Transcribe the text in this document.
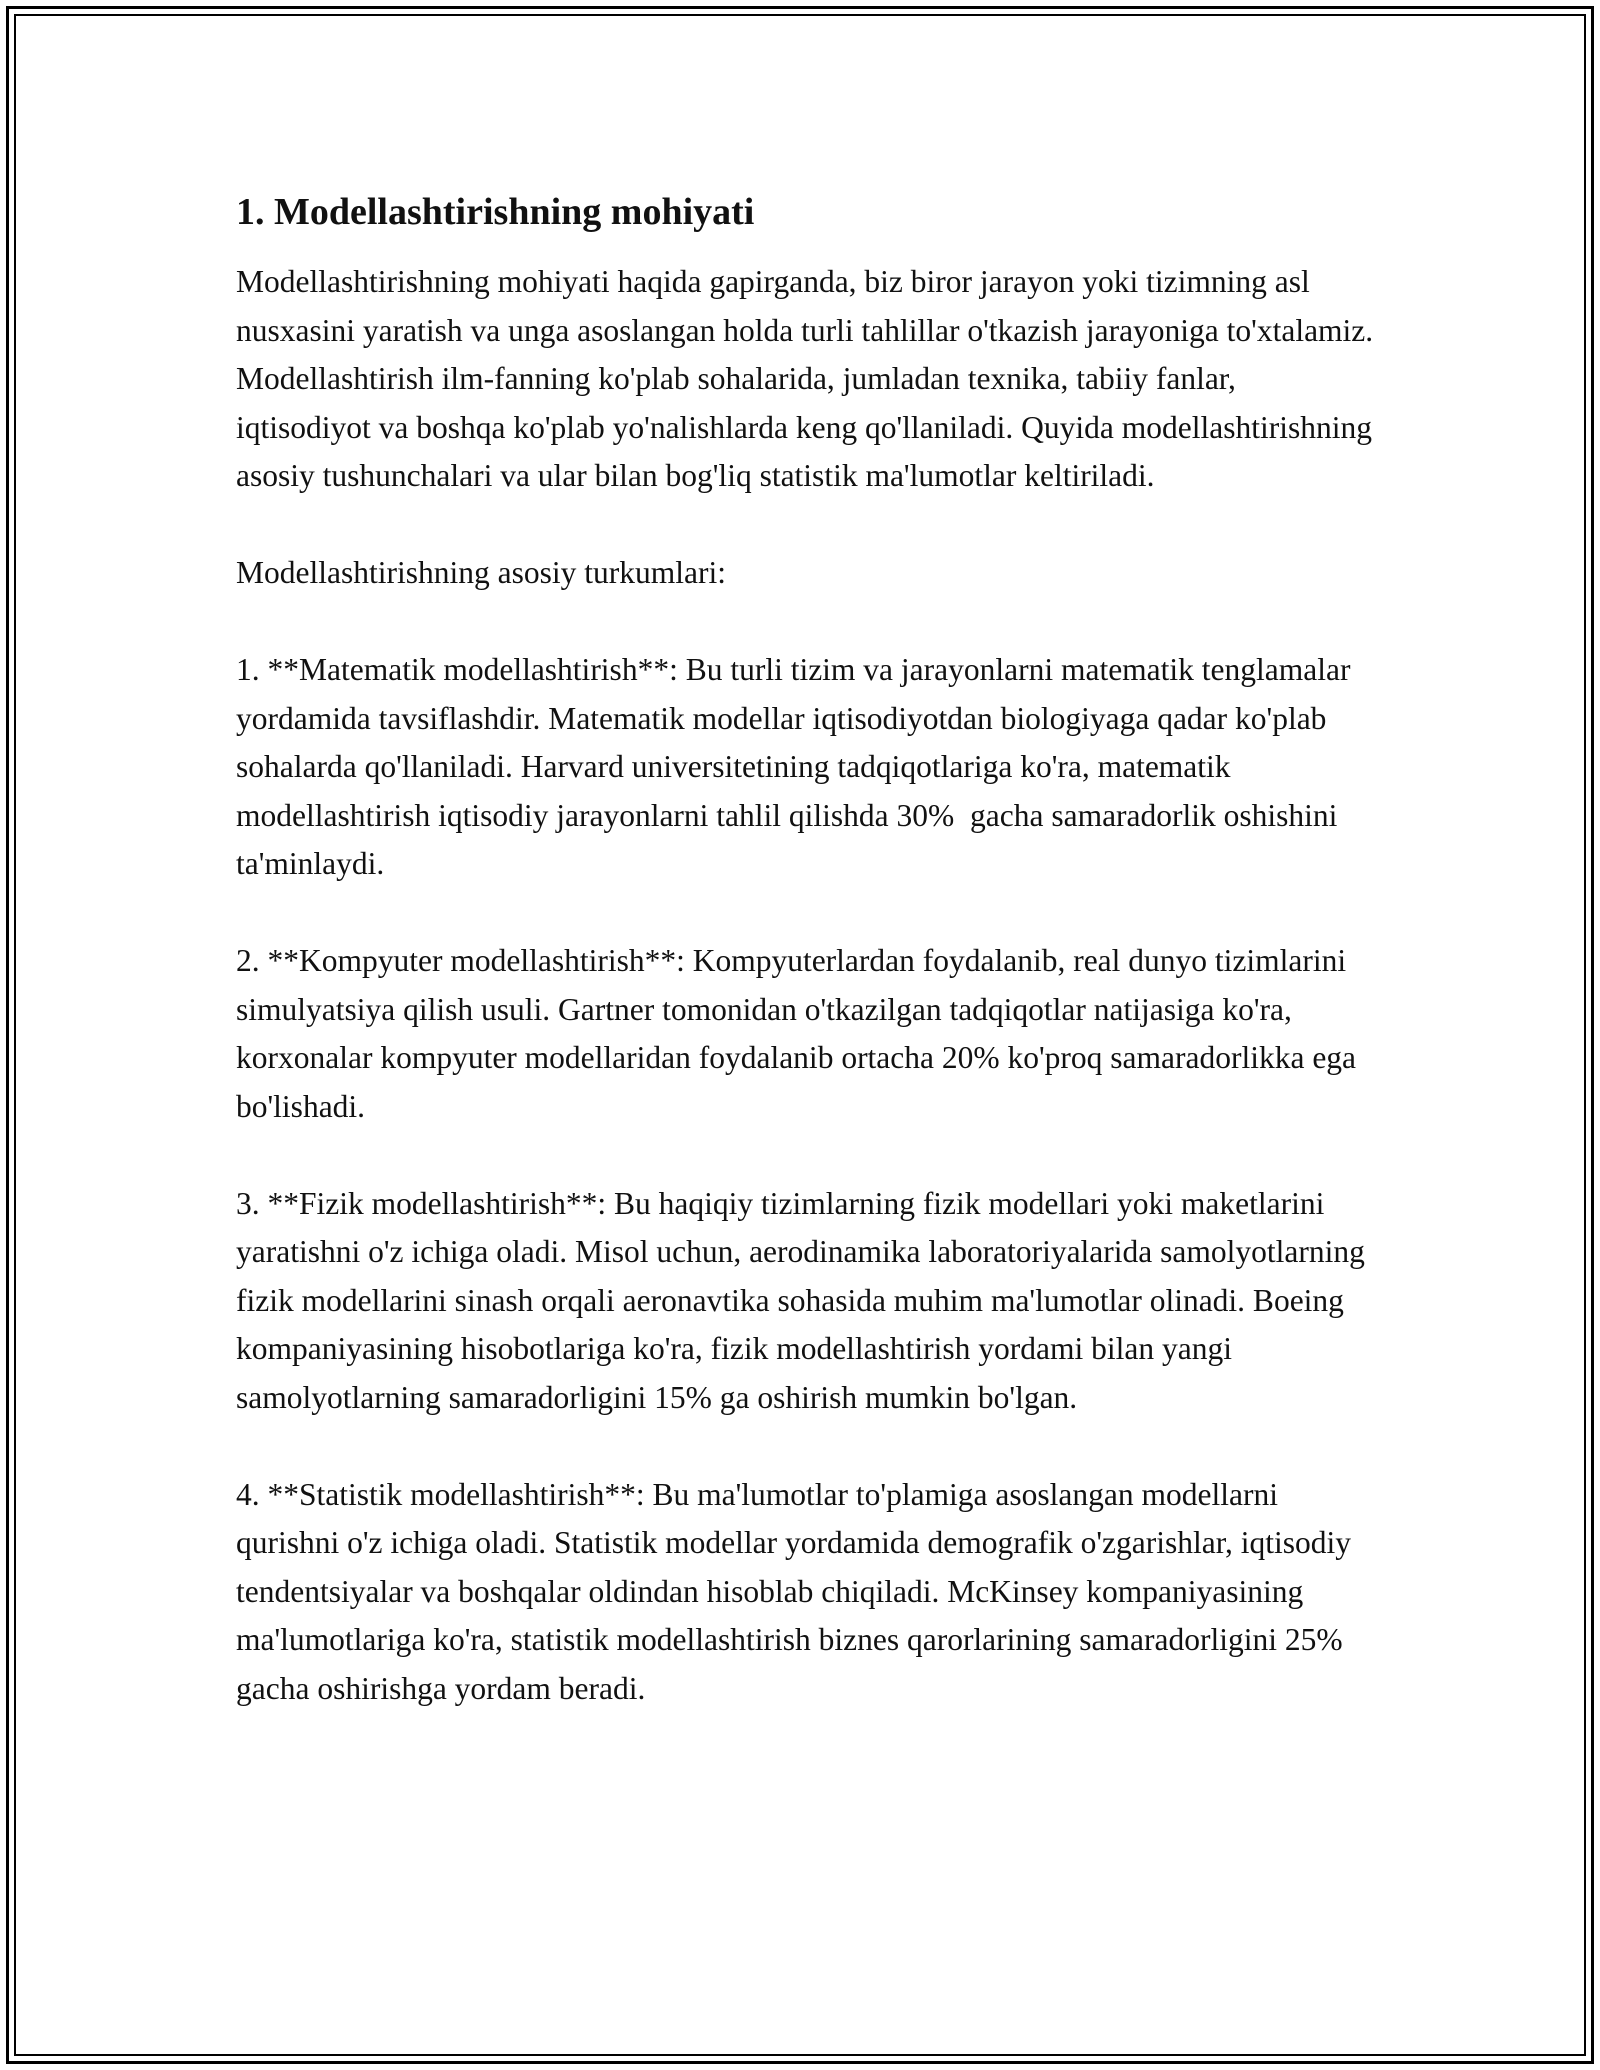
1. Modellashtirishning mohiyati

Modellashtirishning mohiyati haqida gapirganda, biz biror jarayon yoki tizimning asl nusxasini yaratish va unga asoslangan holda turli tahlillar o'tkazish jarayoniga to'xtalamiz. Modellashtirish ilm-fanning ko'plab sohalarida, jumladan texnika, tabiiy fanlar, iqtisodiyot va boshqa ko'plab yo'nalishlarda keng qo'llaniladi. Quyida modellashtirishning asosiy tushunchalari va ular bilan bog'liq statistik ma'lumotlar keltiriladi.

Modellashtirishning asosiy turkumlari:

1. **Matematik modellashtirish**: Bu turli tizim va jarayonlarni matematik tenglamalar yordamida tavsiflashdir. Matematik modellar iqtisodiyotdan biologiyaga qadar ko'plab sohalarda qo'llaniladi. Harvard universitetining tadqiqotlariga ko'ra, matematik modellashtirish iqtisodiy jarayonlarni tahlil qilishda 30%  gacha samaradorlik oshishini ta'minlaydi.

2. **Kompyuter modellashtirish**: Kompyuterlardan foydalanib, real dunyo tizimlarini simulyatsiya qilish usuli. Gartner tomonidan o'tkazilgan tadqiqotlar natijasiga ko'ra, korxonalar kompyuter modellaridan foydalanib ortacha 20% ko'proq samaradorlikka ega bo'lishadi.

3. **Fizik modellashtirish**: Bu haqiqiy tizimlarning fizik modellari yoki maketlarini yaratishni o'z ichiga oladi. Misol uchun, aerodinamika laboratoriyalarida samolyotlarning fizik modellarini sinash orqali aeronavtika sohasida muhim ma'lumotlar olinadi. Boeing kompaniyasining hisobotlariga ko'ra, fizik modellashtirish yordami bilan yangi samolyotlarning samaradorligini 15% ga oshirish mumkin bo'lgan.

4. **Statistik modellashtirish**: Bu ma'lumotlar to'plamiga asoslangan modellarni qurishni o'z ichiga oladi. Statistik modellar yordamida demografik o'zgarishlar, iqtisodiy tendentsiyalar va boshqalar oldindan hisoblab chiqiladi. McKinsey kompaniyasining ma'lumotlariga ko'ra, statistik modellashtirish biznes qarorlarining samaradorligini 25% gacha oshirishga yordam beradi.
